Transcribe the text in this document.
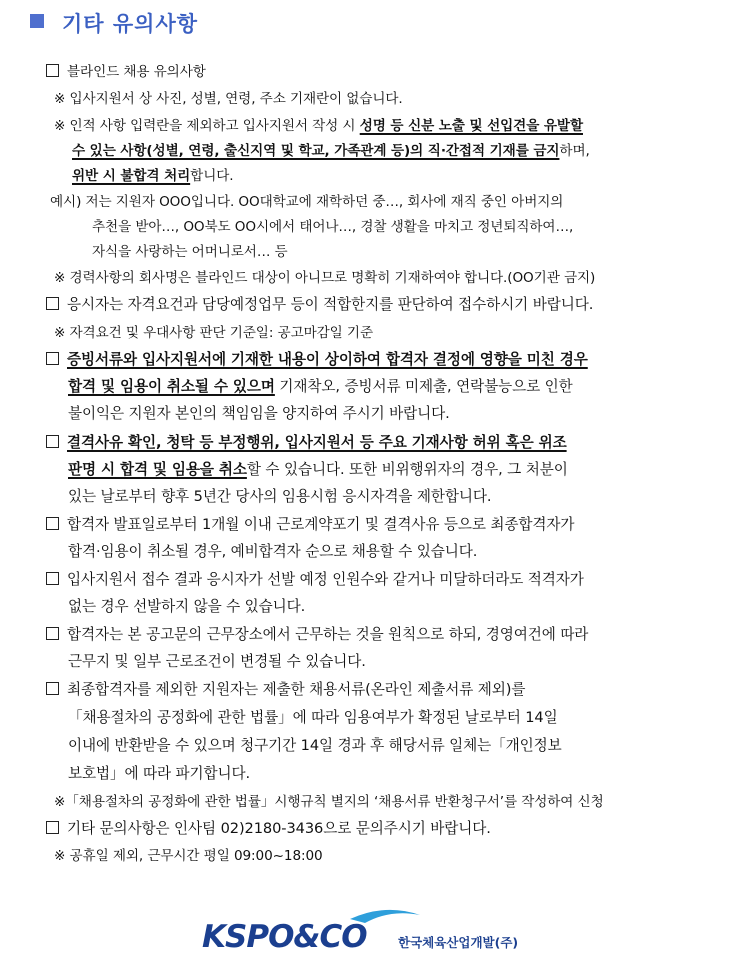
기타 유의사항
블라인드 채용 유의사항
※ 입사지원서 상 사진, 성별, 연령, 주소 기재란이 없습니다.
※ 인적 사항 입력란을 제외하고 입사지원서 작성 시 성명 등 신분 노출 및 선입견을 유발할
수 있는 사항(성별, 연령, 출신지역 및 학교, 가족관계 등)의 직·간접적 기재를 금지하며,
위반 시 불합격 처리합니다.
예시) 저는 지원자 OOO입니다. OO대학교에 재학하던 중…, 회사에 재직 중인 아버지의
추천을 받아…, OO북도 OO시에서 태어나…, 경찰 생활을 마치고 정년퇴직하여…,
자식을 사랑하는 어머니로서… 등
※ 경력사항의 회사명은 블라인드 대상이 아니므로 명확히 기재하여야 합니다.(OO기관 금지)
응시자는 자격요건과 담당예정업무 등이 적합한지를 판단하여 접수하시기 바랍니다.
※ 자격요건 및 우대사항 판단 기준일: 공고마감일 기준
증빙서류와 입사지원서에 기재한 내용이 상이하여 합격자 결정에 영향을 미친 경우
합격 및 임용이 취소될 수 있으며 기재착오, 증빙서류 미제출, 연락불능으로 인한
불이익은 지원자 본인의 책임임을 양지하여 주시기 바랍니다.
결격사유 확인, 청탁 등 부정행위, 입사지원서 등 주요 기재사항 허위 혹은 위조
판명 시 합격 및 임용을 취소할 수 있습니다. 또한 비위행위자의 경우, 그 처분이
있는 날로부터 향후 5년간 당사의 임용시험 응시자격을 제한합니다.
합격자 발표일로부터 1개월 이내 근로계약포기 및 결격사유 등으로 최종합격자가
합격·임용이 취소될 경우, 예비합격자 순으로 채용할 수 있습니다.
입사지원서 접수 결과 응시자가 선발 예정 인원수와 같거나 미달하더라도 적격자가
없는 경우 선발하지 않을 수 있습니다.
합격자는 본 공고문의 근무장소에서 근무하는 것을 원칙으로 하되, 경영여건에 따라
근무지 및 일부 근로조건이 변경될 수 있습니다.
최종합격자를 제외한 지원자는 제출한 채용서류(온라인 제출서류 제외)를
「채용절차의 공정화에 관한 법률」에 따라 임용여부가 확정된 날로부터 14일
이내에 반환받을 수 있으며 청구기간 14일 경과 후 해당서류 일체는「개인정보
보호법」에 따라 파기합니다.
※「채용절차의 공정화에 관한 법률」시행규칙 별지의 ‘채용서류 반환청구서’를 작성하여 신청
기타 문의사항은 인사팀 02)2180-3436으로 문의주시기 바랍니다.
※ 공휴일 제외, 근무시간 평일 09:00~18:00
KSPO&CO	한국체육산업개발(주)
